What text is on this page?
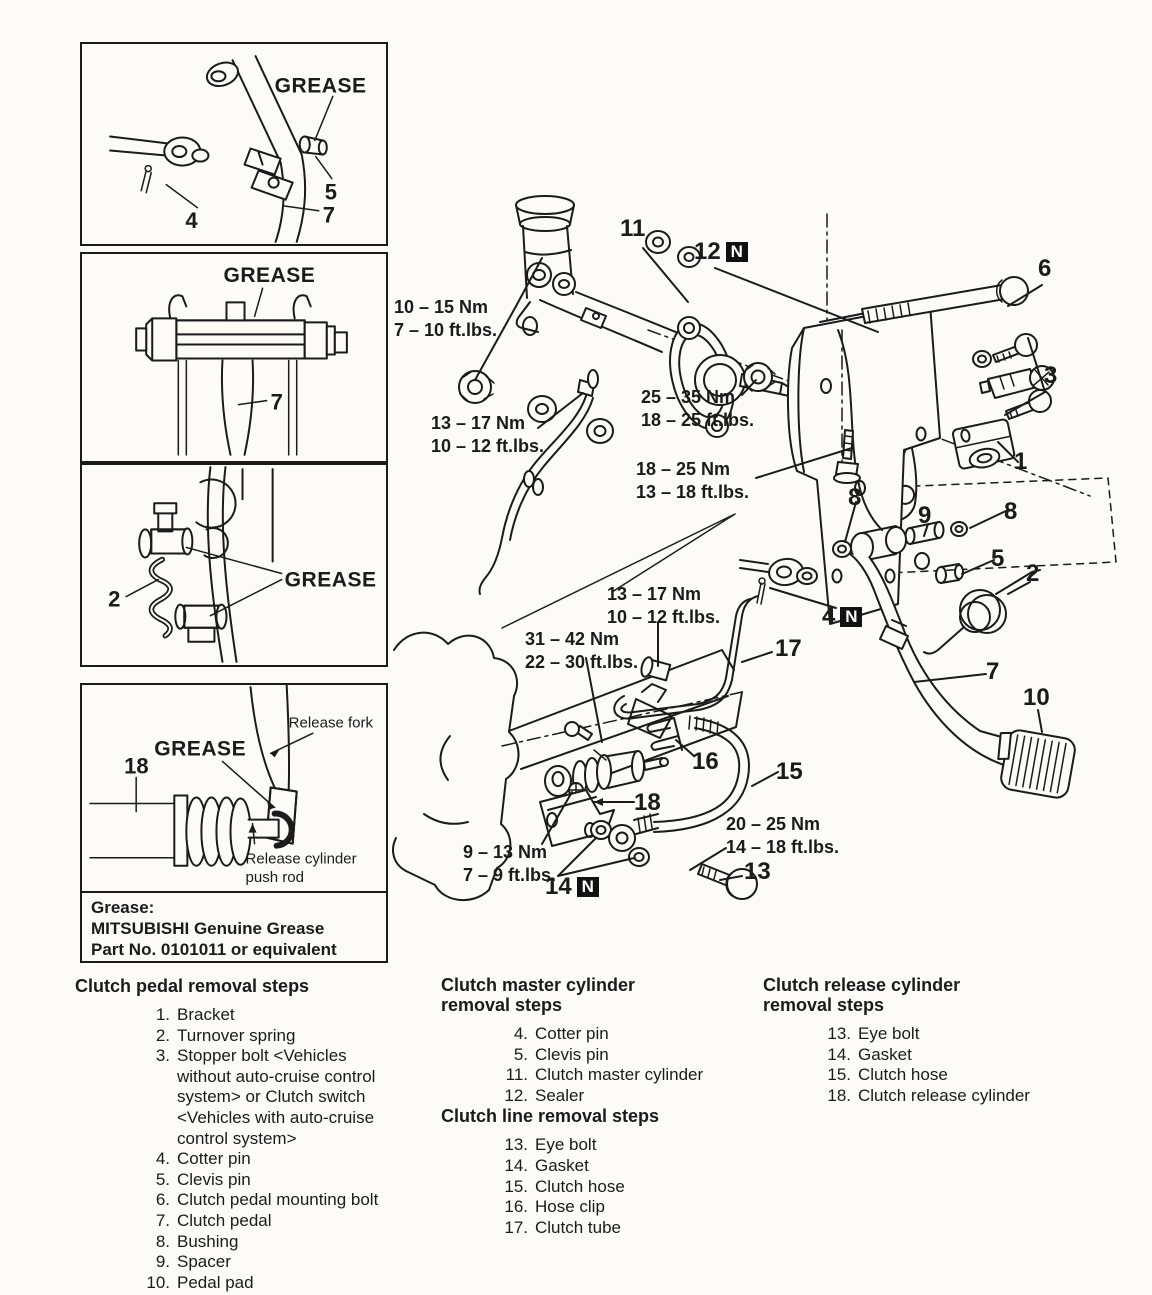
GREASE
4
5
7
GREASE
7
GREASE
2
GREASE
18
Release fork
Release cylinder
push rod
Grease:
MITSUBISHI Genuine Grease
Part No. 0101011 or equivalent
10 – 15 Nm
7 – 10 ft.lbs.
13 – 17 Nm
10 – 12 ft.lbs.
25 – 35 Nm
18 – 25 ft.lbs.
18 – 25 Nm
13 – 18 ft.lbs.
13 – 17 Nm
10 – 12 ft.lbs.
31 – 42 Nm
22 – 30 ft.lbs.
9 – 13 Nm
7 – 9 ft.lbs.
20 – 25 Nm
14 – 18 ft.lbs.
11
12 N
6
3
1
8
9	8
5
2
4 N
17
7
10
16 15
18
13
14 N
Clutch pedal removal steps
1. Bracket
2. Turnover spring
3. Stopper bolt <Vehicles without auto-cruise control system> or Clutch switch <Vehicles with auto-cruise control system>
4. Cotter pin
5. Clevis pin
6. Clutch pedal mounting bolt
7. Clutch pedal
8. Bushing
9. Spacer
10. Pedal pad
Clutch master cylinder removal steps
4. Cotter pin
5. Clevis pin
11. Clutch master cylinder
12. Sealer
Clutch line removal steps
13. Eye bolt
14. Gasket
15. Clutch hose
16. Hose clip
17. Clutch tube
Clutch release cylinder removal steps
13. Eye bolt
14. Gasket
15. Clutch hose
18. Clutch release cylinder
